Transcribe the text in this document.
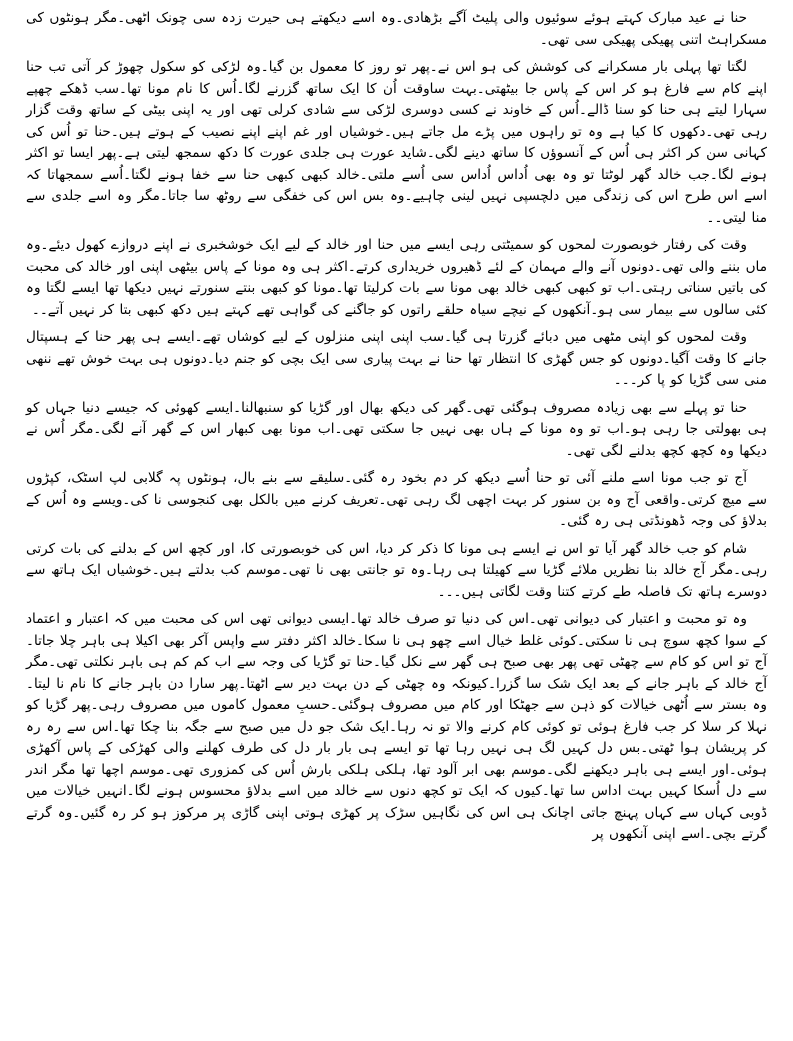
حنا نے عید مبارک کہتے ہوئے سوئیوں والی پلیٹ آگے بڑھادی۔وہ اسے دیکھتے ہی حیرت زدہ سی چونک اٹھی۔مگر ہونٹوں کی مسکراہٹ اتنی پھیکی پھیکی سی تھی۔

لگتا تھا پہلی بار مسکرانے کی کوشش کی ہو اس نے۔پھر تو روز کا معمول بن گیا۔وہ لڑکی کو سکول چھوڑ کر آتی تب حنا اپنے کام سے فارغ ہو کر اس کے پاس جا بیٹھتی۔بہت ساوقت اُن کا ایک ساتھ گزرنے لگا۔اُس کا نام مونا تھا۔سب ڈھکے چھپے سہارا لیتے ہی حنا کو سنا ڈالے۔اُس کے خاوند نے کسی دوسری لڑکی سے شادی کرلی تھی اور یہ اپنی بیٹی کے ساتھ وقت گزار رہی تھی۔دکھوں کا کیا ہے وہ تو راہوں میں پڑے مل جاتے ہیں۔خوشیاں اور غم اپنے اپنے نصیب کے ہوتے ہیں۔حنا تو اُس کی کہانی سن کر اکثر ہی اُس کے آنسوؤں کا ساتھ دینے لگی۔شاید عورت ہی جلدی عورت کا دکھ سمجھ لیتی ہے۔پھر ایسا تو اکثر ہونے لگا۔جب خالد گھر لوٹتا تو وہ بھی اُداس اُداس سی اُسے ملتی۔خالد کبھی کبھی حنا سے خفا ہونے لگتا۔اُسے سمجھاتا کہ اسے اس طرح اس کی زندگی میں دلچسپی نہیں لینی چاہیے۔وہ بس اس کی خفگی سے روٹھ سا جاتا۔مگر وہ اسے جلدی سے منا لیتی۔۔

وقت کی رفتار خوبصورت لمحوں کو سمیٹتی رہی ایسے میں حنا اور خالد کے لیے ایک خوشخبری نے اپنے دروازے کھول دیئے۔وہ ماں بننے والی تھی۔دونوں آنے والے مہمان کے لئے ڈھیروں خریداری کرتے۔اکثر ہی وہ مونا کے پاس بیٹھی اپنی اور خالد کی محبت کی باتیں سناتی رہتی۔اب تو کبھی کبھی خالد بھی مونا سے بات کرلیتا تھا۔مونا کو کبھی بنتے سنورتے نہیں دیکھا تھا ایسے لگتا وہ کئی سالوں سے بیمار سی ہو۔آنکھوں کے نیچے سیاہ حلقے راتوں کو جاگنے کی گواہی تھے کہتے ہیں دکھ کبھی بتا کر نہیں آتے۔۔

وقت لمحوں کو اپنی مٹھی میں دبائے گزرتا ہی گیا۔سب اپنی اپنی منزلوں کے لیے کوشاں تھے۔ایسے ہی پھر حنا کے ہسپتال جانے کا وقت آگیا۔دونوں کو جس گھڑی کا انتظار تھا حنا نے بہت پیاری سی ایک بچی کو جنم دیا۔دونوں ہی بہت خوش تھے ننھی منی سی گڑیا کو پا کر۔۔۔

حنا تو پہلے سے بھی زیادہ مصروف ہوگئی تھی۔گھر کی دیکھ بھال اور گڑیا کو سنبھالنا۔ایسے کھوئی کہ جیسے دنیا جہاں کو ہی بھولتی جا رہی ہو۔اب تو وہ مونا کے ہاں بھی نہیں جا سکتی تھی۔اب مونا بھی کبھار اس کے گھر آنے لگی۔مگر اُس نے دیکھا وہ کچھ کچھ بدلنے لگی تھی۔

آج تو جب مونا اسے ملنے آئی تو حنا اُسے دیکھ کر دم بخود رہ گئی۔سلیقے سے بنے بال، ہونٹوں پہ گلابی لپ اسٹک، کپڑوں سے میچ کرتی۔واقعی آج وہ بن سنور کر بہت اچھی لگ رہی تھی۔تعریف کرنے میں بالکل بھی کنجوسی نا کی۔ویسے وہ اُس کے بدلاؤ کی وجہ ڈھونڈتی ہی رہ گئی۔

شام کو جب خالد گھر آیا تو اس نے ایسے ہی مونا کا ذکر کر دیا، اس کی خوبصورتی کا، اور کچھ اس کے بدلنے کی بات کرتی رہی۔مگر آج خالد بنا نظریں ملائے گڑیا سے کھیلتا ہی رہا۔وہ تو جانتی بھی نا تھی۔موسم کب بدلتے ہیں۔خوشیاں ایک ہاتھ سے دوسرے ہاتھ تک فاصلہ طے کرتے کتنا وقت لگاتی ہیں۔۔۔

وہ تو محبت و اعتبار کی دیوانی تھی۔اس کی دنیا تو صرف خالد تھا۔ایسی دیوانی تھی اس کی محبت میں کہ اعتبار و اعتماد کے سوا کچھ سوچ ہی نا سکتی۔کوئی غلط خیال اسے چھو ہی نا سکا۔خالد اکثر دفتر سے واپس آکر بھی اکیلا ہی باہر چلا جاتا۔آج تو اس کو کام سے چھٹی تھی پھر بھی صبح ہی گھر سے نکل گیا۔حنا تو گڑیا کی وجہ سے اب کم کم ہی باہر نکلتی تھی۔مگر آج خالد کے باہر جانے کے بعد ایک شک سا گزرا۔کیونکہ وہ چھٹی کے دن بہت دیر سے اٹھتا۔پھر سارا دن باہر جانے کا نام نا لیتا۔وہ بستر سے اُٹھی خیالات کو ذہن سے جھٹکا اور کام میں مصروف ہوگئی۔حسبِ معمول کاموں میں مصروف رہی۔پھر گڑیا کو نہلا کر سلا کر جب فارغ ہوئی تو کوئی کام کرنے والا تو نہ رہا۔ایک شک جو دل میں صبح سے جگہ بنا چکا تھا۔اس سے رہ رہ کر پریشان ہوا ٹھتی۔بس دل کہیں لگ ہی نہیں رہا تھا تو ایسے ہی بار بار دل کی طرف کھلنے والی کھڑکی کے پاس آکھڑی ہوئی۔اور ایسے ہی باہر دیکھنے لگی۔موسم بھی ابر آلود تھا، ہلکی ہلکی بارش اُس کی کمزوری تھی۔موسم اچھا تھا مگر اندر سے دل اُسکا کہیں بہت اداس سا تھا۔کیوں کہ ایک تو کچھ دنوں سے خالد میں اسے بدلاؤ محسوس ہونے لگا۔انہیں خیالات میں ڈوبی کہاں سے کہاں پہنچ جاتی اچانک ہی اس کی نگاہیں سڑک پر کھڑی ہوتی اپنی گاڑی پر مرکوز ہو کر رہ گئیں۔وہ گرتے گرتے بچی۔اسے اپنی آنکھوں پر
